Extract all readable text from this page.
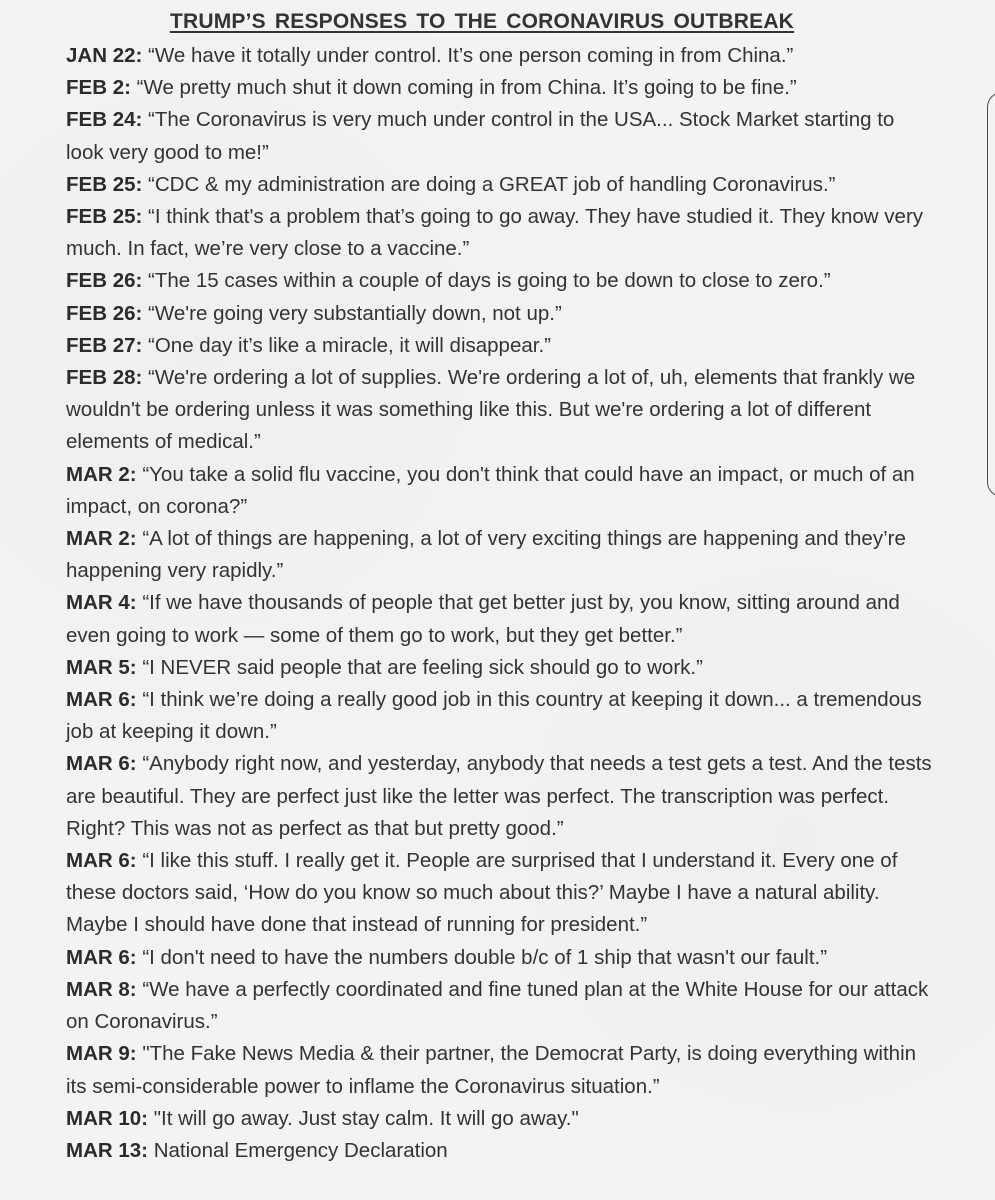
TRUMP’S RESPONSES TO THE CORONAVIRUS OUTBREAK
JAN 22: “We have it totally under control. It’s one person coming in from China.”
FEB 2: “We pretty much shut it down coming in from China. It’s going to be fine.”
FEB 24: “The Coronavirus is very much under control in the USA... Stock Market starting to look very good to me!”
FEB 25: “CDC & my administration are doing a GREAT job of handling Coronavirus.”
FEB 25: “I think that's a problem that’s going to go away. They have studied it. They know very much. In fact, we’re very close to a vaccine.”
FEB 26: “The 15 cases within a couple of days is going to be down to close to zero.”
FEB 26: “We're going very substantially down, not up.”
FEB 27: “One day it’s like a miracle, it will disappear.”
FEB 28: “We're ordering a lot of supplies. We're ordering a lot of, uh, elements that frankly we wouldn't be ordering unless it was something like this. But we're ordering a lot of different elements of medical.”
MAR 2: “You take a solid flu vaccine, you don't think that could have an impact, or much of an impact, on corona?”
MAR 2: “A lot of things are happening, a lot of very exciting things are happening and they’re happening very rapidly.”
MAR 4: “If we have thousands of people that get better just by, you know, sitting around and even going to work — some of them go to work, but they get better.”
MAR 5: “I NEVER said people that are feeling sick should go to work.”
MAR 6: “I think we’re doing a really good job in this country at keeping it down... a tremendous job at keeping it down.”
MAR 6: “Anybody right now, and yesterday, anybody that needs a test gets a test. And the tests are beautiful. They are perfect just like the letter was perfect. The transcription was perfect. Right? This was not as perfect as that but pretty good.”
MAR 6: “I like this stuff. I really get it. People are surprised that I understand it. Every one of these doctors said, ‘How do you know so much about this?’ Maybe I have a natural ability. Maybe I should have done that instead of running for president.”
MAR 6: “I don't need to have the numbers double b/c of 1 ship that wasn't our fault.”
MAR 8: “We have a perfectly coordinated and fine tuned plan at the White House for our attack on Coronavirus.”
MAR 9: "The Fake News Media & their partner, the Democrat Party, is doing everything within its semi-considerable power to inflame the Coronavirus situation.”
MAR 10: "It will go away. Just stay calm. It will go away."
MAR 13: National Emergency Declaration
